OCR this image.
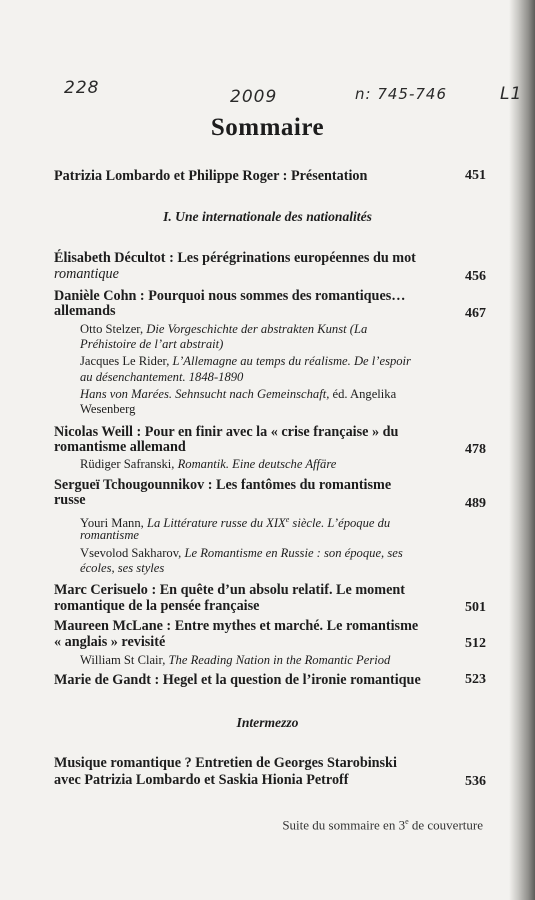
228	2009	n: 745-746	L1
Sommaire
Patrizia Lombardo et Philippe Roger : Présentation	451
I. Une internationale des nationalités
Élisabeth Décultot : Les pérégrinations européennes du mot
romantique	456
Danièle Cohn : Pourquoi nous sommes des romantiques…
allemands	467
Otto Stelzer, Die Vorgeschichte der abstrakten Kunst (La
Préhistoire de l’art abstrait)
Jacques Le Rider, L’Allemagne au temps du réalisme. De l’espoir
au désenchantement. 1848-1890
Hans von Marées. Sehnsucht nach Gemeinschaft, éd. Angelika
Wesenberg
Nicolas Weill : Pour en finir avec la « crise française » du
romantisme allemand	478
Rüdiger Safranski, Romantik. Eine deutsche Affäre
Sergueï Tchougounnikov : Les fantômes du romantisme
russe	489
Youri Mann, La Littérature russe du XIXe siècle. L’époque du
romantisme
Vsevolod Sakharov, Le Romantisme en Russie : son époque, ses
écoles, ses styles
Marc Cerisuelo : En quête d’un absolu relatif. Le moment
romantique de la pensée française	501
Maureen McLane : Entre mythes et marché. Le romantisme
« anglais » revisité	512
William St Clair, The Reading Nation in the Romantic Period
Marie de Gandt : Hegel et la question de l’ironie romantique	523
Intermezzo
Musique romantique ? Entretien de Georges Starobinski
avec Patrizia Lombardo et Saskia Hionia Petroff	536
Suite du sommaire en 3e de couverture
